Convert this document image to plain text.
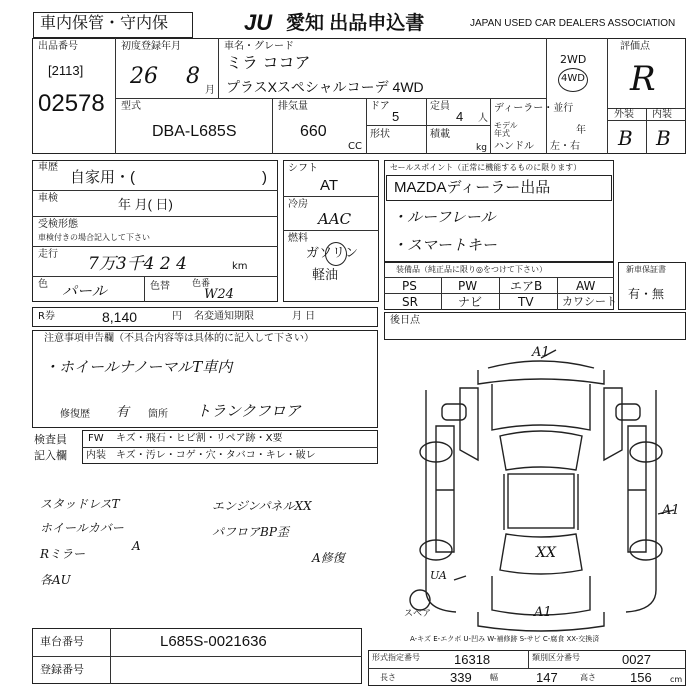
車内保管・守内保	JU 愛知 出品申込書	JAPAN USED CAR DEALERS ASSOCIATION
出品番号
[2113]
02578
初度登録年月
26 8
月
車名・グレード
ミラ ココア
プラスXスペシャルコーデ 4WD
2WD
4WD
評価点
R
外装 内装
B B
型式
DBA-L685S
排気量
660
CC
ドア
5
定員
4 人
形状	積載
kg
ディーラー・並行
モデル年式	年
ハンドル 左・右
車歴
自家用・(	)
車検	年 月( 日)
受検形態
車検付きの場合記入して下さい
走行 7万3千4 2 4	km
色 パール	色替 色番
W24
シフト
AT
冷房
AAC
燃料
ガソリン
軽油
セールスポイント（正常に機能するものに限ります）
MAZDAディーラー出品
・ルーフレール
・スマートキー
装備品（純正品に限り◎をつけて下さい）
PS	PW	エアB	AW
SR	ナビ	TV	カワシート
新車保証書
有・無
R券	8,140	円 名変通知期限	月 日	後日点
注意事項申告欄（不具合内容等は具体的に記入して下さい）
・ホイールナノーマルT車内
修復歴 有 箇所 トランクフロア
検査員
記入欄
FW キズ・飛石・ヒビ割・リペア跡・X要
内装 キズ・汚レ・コゲ・穴・タバコ・キレ・破レ
スタッドレスT	エンジンパネルXX
ホイールカバー	パフロアBP歪
Rミラー
A
A修復
各AU
A1
A1
XX
UA
A1
スペア
A-キズ E-エクボ U-凹み W-補修跡 S-サビ C-腐食 XX-交換済
車台番号	L685S-0021636
登録番号
形式指定番号	16318	類別区分番号	0027
長さ	339 幅	147	高さ	156 cm
